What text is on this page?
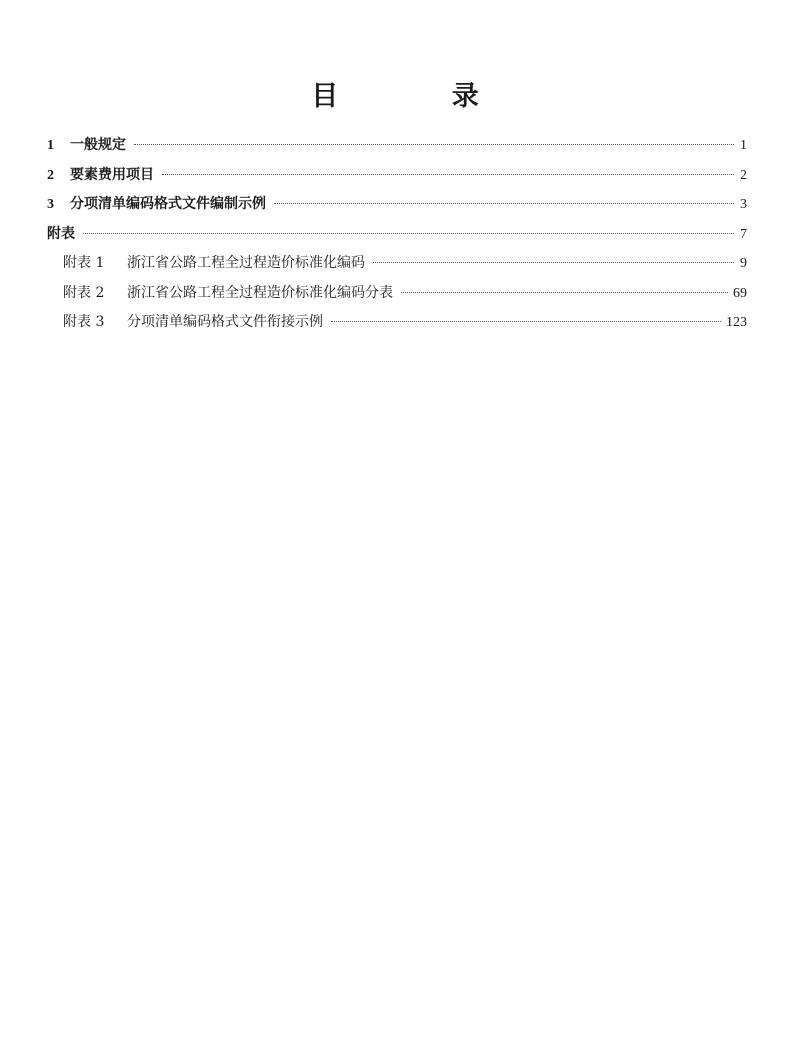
目 录
1	一般规定	1
2	要素费用项目	2
3	分项清单编码格式文件编制示例	3
附表	7
附表 1	浙江省公路工程全过程造价标准化编码	9
附表 2	浙江省公路工程全过程造价标准化编码分表	69
附表 3	分项清单编码格式文件衔接示例	123
